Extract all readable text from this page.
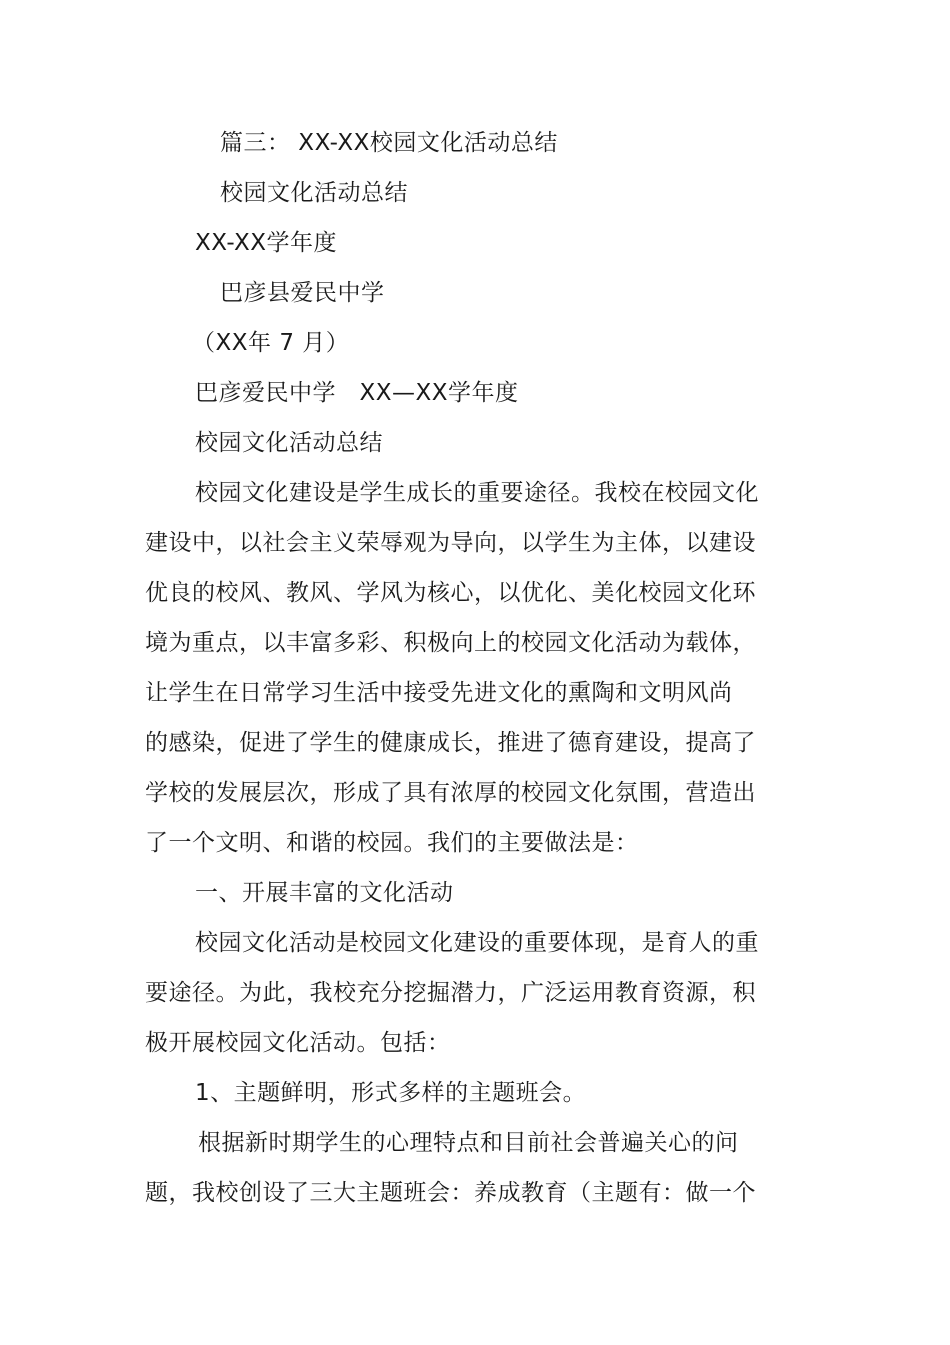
篇三： XX-XX校园文化活动总结
校园文化活动总结
XX-XX学年度
巴彦县爱民中学
（XX年 7 月）
巴彦爱民中学　XX—XX学年度
校园文化活动总结
校园文化建设是学生成长的重要途径。我校在校园文化
建设中，以社会主义荣辱观为导向，以学生为主体，以建设
优良的校风、教风、学风为核心，以优化、美化校园文化环
境为重点，以丰富多彩、积极向上的校园文化活动为载体，
让学生在日常学习生活中接受先进文化的熏陶和文明风尚
的感染，促进了学生的健康成长，推进了德育建设，提高了
学校的发展层次，形成了具有浓厚的校园文化氛围，营造出
了一个文明、和谐的校园。我们的主要做法是：
一、开展丰富的文化活动
校园文化活动是校园文化建设的重要体现，是育人的重
要途径。为此，我校充分挖掘潜力，广泛运用教育资源，积
极开展校园文化活动。包括：
1、主题鲜明，形式多样的主题班会。
根据新时期学生的心理特点和目前社会普遍关心的问
题，我校创设了三大主题班会：养成教育（主题有：做一个
